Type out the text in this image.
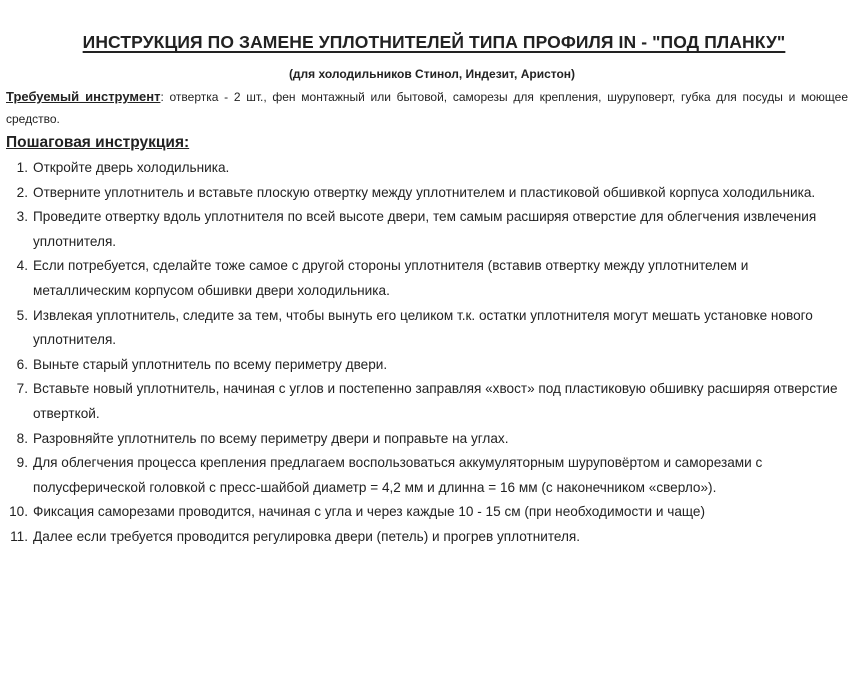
ИНСТРУКЦИЯ ПО ЗАМЕНЕ УПЛОТНИТЕЛЕЙ ТИПА ПРОФИЛЯ IN - "ПОД ПЛАНКУ"

(для холодильников Стинол, Индезит, Аристон)

Требуемый инструмент: отвертка - 2 шт., фен монтажный или бытовой, саморезы для крепления, шуруповерт, губка для посуды и моющее средство.

Пошаговая инструкция:
1. Откройте дверь холодильника.
2. Отверните уплотнитель и вставьте плоскую отвертку между уплотнителем и пластиковой обшивкой корпуса холодильника.
3. Проведите отвертку вдоль уплотнителя по всей высоте двери, тем самым расширяя отверстие для облегчения извлечения уплотнителя.
4. Если потребуется, сделайте тоже самое с другой стороны уплотнителя (вставив отвертку между уплотнителем и металлическим корпусом обшивки двери холодильника.
5. Извлекая уплотнитель, следите за тем, чтобы вынуть его целиком т.к. остатки уплотнителя могут мешать установке нового уплотнителя.
6. Выньте старый уплотнитель по всему периметру двери.
7. Вставьте новый уплотнитель, начиная с углов и постепенно заправляя «хвост» под пластиковую обшивку расширяя отверстие отверткой.
8. Разровняйте уплотнитель по всему периметру двери и поправьте на углах.
9. Для облегчения процесса крепления предлагаем воспользоваться аккумуляторным шуруповёртом и саморезами с полусферической головкой с пресс-шайбой диаметр = 4,2 мм и длинна = 16 мм (с наконечником «сверло»).
10. Фиксация саморезами проводится, начиная с угла и через каждые 10 - 15 см (при необходимости и чаще)
11. Далее если требуется проводится регулировка двери (петель) и прогрев уплотнителя.
